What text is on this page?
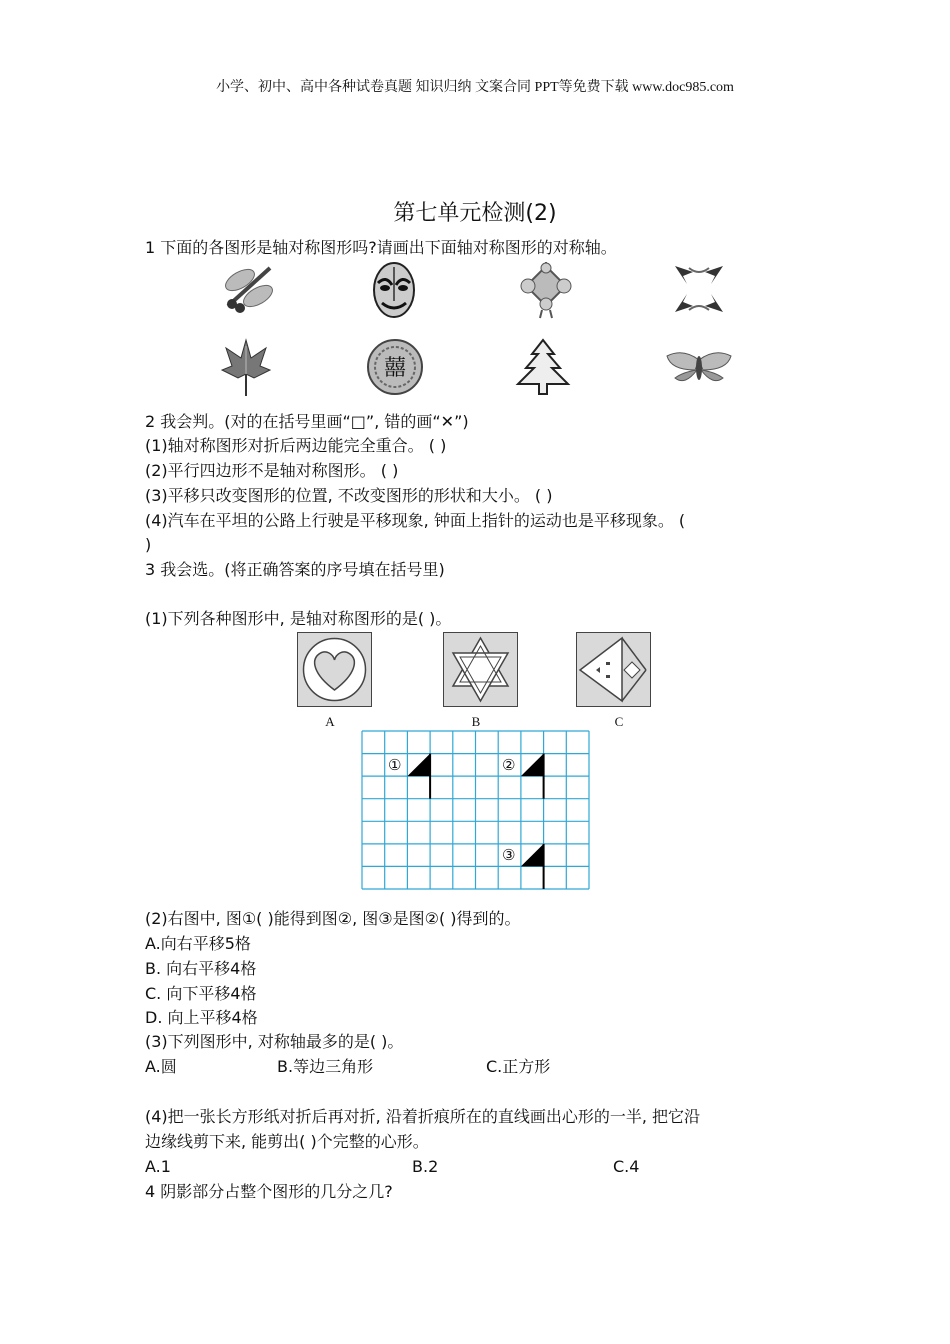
小学、初中、高中各种试卷真题 知识归纳 文案合同 PPT等免费下载 www.doc985.com
第七单元检测(2)
1 下面的各图形是轴对称图形吗?请画出下面轴对称图形的对称轴。
囍
2 我会判。(对的在括号里画“□”, 错的画“✕”)
(1)轴对称图形对折后两边能完全重合。 ( )
(2)平行四边形不是轴对称图形。 ( )
(3)平移只改变图形的位置, 不改变图形的形状和大小。 ( )
(4)汽车在平坦的公路上行驶是平移现象, 钟面上指针的运动也是平移现象。 (
)
3 我会选。(将正确答案的序号填在括号里)
(1)下列各种图形中, 是轴对称图形的是( )。
A	B	C
①	②
③
(2)右图中, 图①( )能得到图②, 图③是图②( )得到的。
A.向右平移5格
B. 向右平移4格
C. 向下平移4格
D. 向上平移4格
(3)下列图形中, 对称轴最多的是( )。
A.圆	B.等边三角形	C.正方形
(4)把一张长方形纸对折后再对折, 沿着折痕所在的直线画出心形的一半, 把它沿
边缘线剪下来, 能剪出( )个完整的心形。
A.1	B.2	C.4
4 阴影部分占整个图形的几分之几?
